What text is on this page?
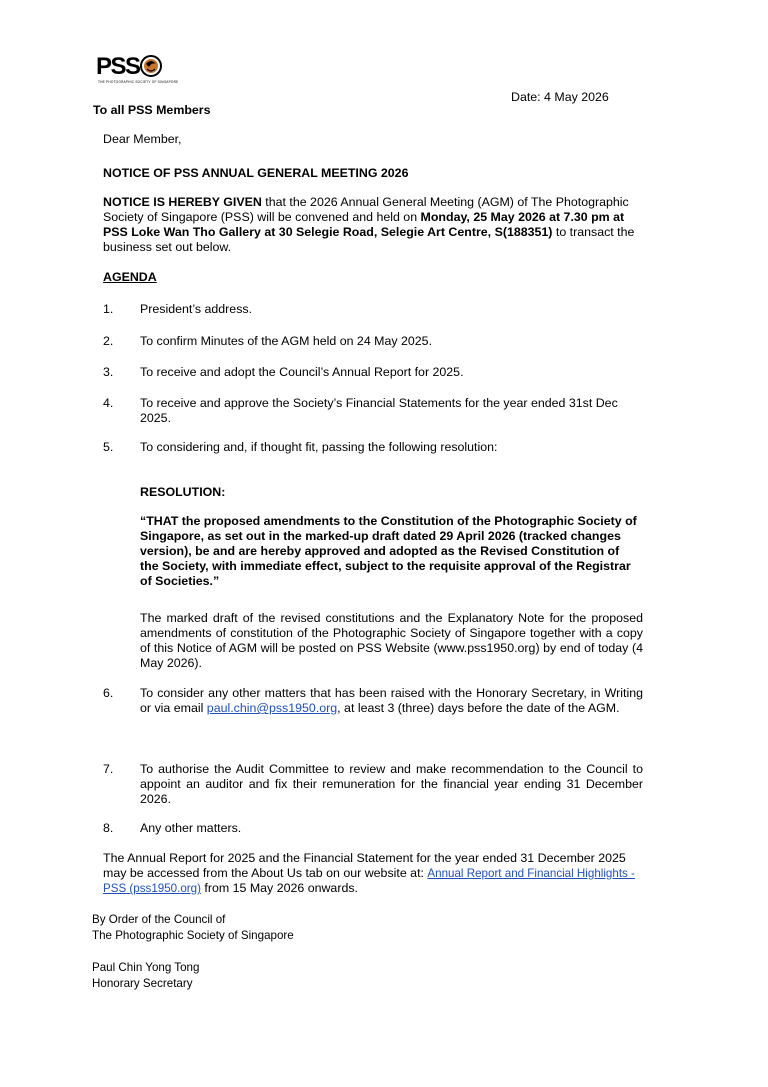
PSS
THE PHOTOGRAPHIC SOCIETY OF SINGAPORE
Date: 4 May 2026
To all PSS Members
Dear Member,
NOTICE OF PSS ANNUAL GENERAL MEETING 2026
NOTICE IS HEREBY GIVEN that the 2026 Annual General Meeting (AGM) of The Photographic Society of Singapore (PSS) will be convened and held on Monday, 25 May 2026 at 7.30 pm at PSS Loke Wan Tho Gallery at 30 Selegie Road, Selegie Art Centre, S(188351) to transact the business set out below.
AGENDA
1. President’s address.
2. To confirm Minutes of the AGM held on 24 May 2025.
3. To receive and adopt the Council’s Annual Report for 2025.
4. To receive and approve the Society’s Financial Statements for the year ended 31st Dec 2025.
5. To considering and, if thought fit, passing the following resolution:
RESOLUTION:
“THAT the proposed amendments to the Constitution of the Photographic Society of Singapore, as set out in the marked-up draft dated 29 April 2026 (tracked changes version), be and are hereby approved and adopted as the Revised Constitution of the Society, with immediate effect, subject to the requisite approval of the Registrar of Societies.”
The marked draft of the revised constitutions and the Explanatory Note for the proposed amendments of constitution of the Photographic Society of Singapore together with a copy of this Notice of AGM will be posted on PSS Website (www.pss1950.org) by end of today (4 May 2026).
6. To consider any other matters that has been raised with the Honorary Secretary, in Writing or via email paul.chin@pss1950.org, at least 3 (three) days before the date of the AGM.
7. To authorise the Audit Committee to review and make recommendation to the Council to appoint an auditor and fix their remuneration for the financial year ending 31 December 2026.
8. Any other matters.
The Annual Report for 2025 and the Financial Statement for the year ended 31 December 2025 may be accessed from the About Us tab on our website at: Annual Report and Financial Highlights - PSS (pss1950.org) from 15 May 2026 onwards.
By Order of the Council of
The Photographic Society of Singapore
Paul Chin Yong Tong
Honorary Secretary
